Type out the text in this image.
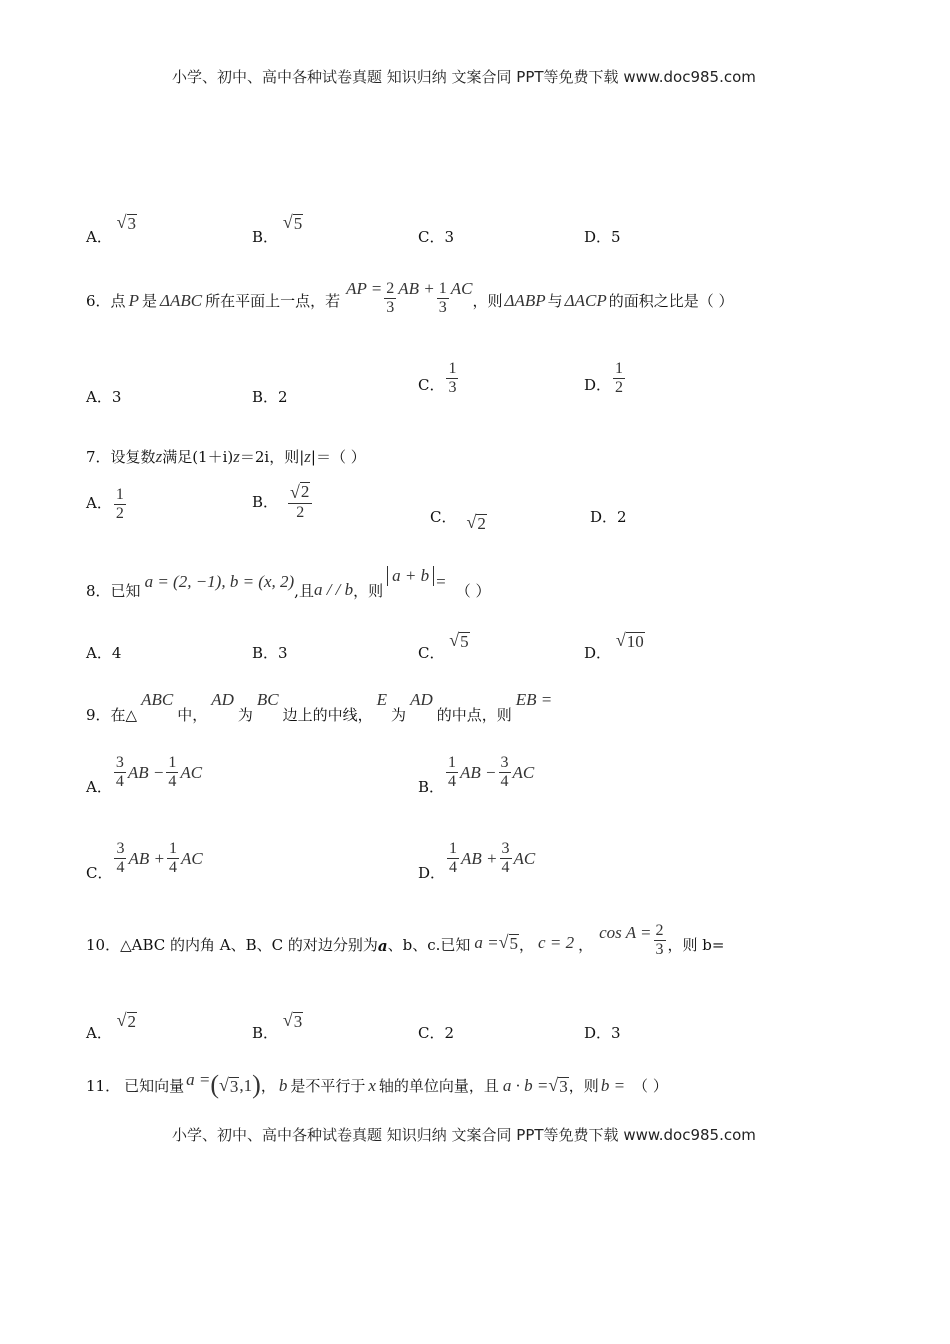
小学、初中、高中各种试卷真题 知识归纳 文案合同 PPT等免费下载 www.doc985.com
A．
√ 3
B．
√ 5
C．3	D．5
6． 点 P 是 ΔABC 所在平面上一点，若
AP = $\frac{2}{3}$ AB + $\frac{1}{3}$ AC
，则 ΔABP 与 ΔACP 的面积之比是（ ）
A．3	B．2
C． $\frac{1}{3}$	D． $\frac{1}{2}$
7．设复数z满足(1＋i)z＝2i，则|z|＝（ ）
A． $\frac{1}{2}$	B． $\frac{√ 2}{2}$	C． √ 2	D．2
8． 已知 a = (2, −1), b = (x, 2) ,且 a / / b ，则
a + b = （ ）
A．4	B．3	C．
√ 5
D．
√ 10
9． 在△
ABC
中，
AD
为
BC
边上的中线，
E
为
AD
的中点，则
EB =
A． $\frac{3}{4}$ AB − $\frac{1}{4}$ AC
B． $\frac{1}{4}$ AB − $\frac{3}{4}$ AC
C． $\frac{3}{4}$ AB + $\frac{1}{4}$ AC
D． $\frac{1}{4}$ AB + $\frac{3}{4}$ AC
10． △ABC 的内角 A、B、C 的对边分别为 a 、b、c.已知 a = √ 5 ， c = 2 ，
$\cos A = \frac{2}{3}$ ，则 b=
A．
√ 2
B．
√ 3
C．2	D．3
11． 已知向量 a = ( √ 3 ,1 ) ， b 是不平行于 x 轴的单位向量，且 a · b = √ 3 ，则 b = （ ）
小学、初中、高中各种试卷真题 知识归纳 文案合同 PPT等免费下载 www.doc985.com
